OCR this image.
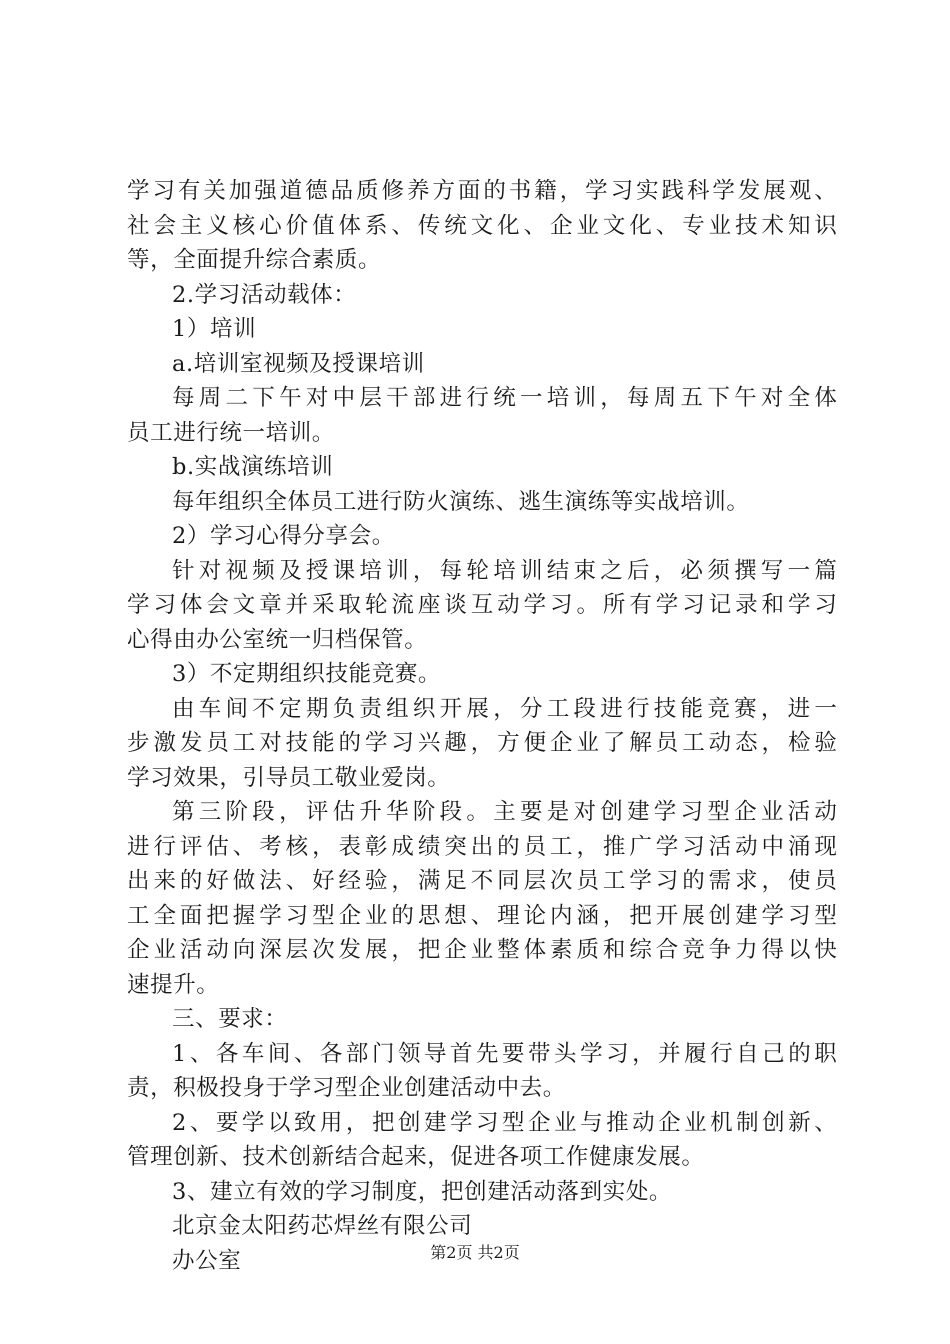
学 习 有 关 加 强 道 德 品 质 修 养 方 面 的 书 籍 ， 学 习 实 践 科 学 发 展 观 、
社 会 主 义 核 心 价 值 体 系 、 传 统 文 化 、 企 业 文 化 、 专 业 技 术 知 识
等，全面提升综合素质。
2.学习活动载体：
1）培训
a.培训室视频及授课培训
每 周 二 下 午 对 中 层 干 部 进 行 统 一 培 训 ， 每 周 五 下 午 对 全 体
员工进行统一培训。
b.实战演练培训
每年组织全体员工进行防火演练、逃生演练等实战培训。
2）学习心得分享会。
针 对 视 频 及 授 课 培 训 ， 每 轮 培 训 结 束 之 后 ， 必 须 撰 写 一 篇
学 习 体 会 文 章 并 采 取 轮 流 座 谈 互 动 学 习 。 所 有 学 习 记 录 和 学 习
心得由办公室统一归档保管。
3）不定期组织技能竞赛。
由 车 间 不 定 期 负 责 组 织 开 展 ， 分 工 段 进 行 技 能 竞 赛 ， 进 一
步 激 发 员 工 对 技 能 的 学 习 兴 趣 ， 方 便 企 业 了 解 员 工 动 态 ， 检 验
学习效果，引导员工敬业爱岗。
第 三 阶 段 ， 评 估 升 华 阶 段 。 主 要 是 对 创 建 学 习 型 企 业 活 动
进 行 评 估 、 考 核 ， 表 彰 成 绩 突 出 的 员 工 ， 推 广 学 习 活 动 中 涌 现
出 来 的 好 做 法 、 好 经 验 ， 满 足 不 同 层 次 员 工 学 习 的 需 求 ， 使 员
工 全 面 把 握 学 习 型 企 业 的 思 想 、 理 论 内 涵 ， 把 开 展 创 建 学 习 型
企 业 活 动 向 深 层 次 发 展 ， 把 企 业 整 体 素 质 和 综 合 竞 争 力 得 以 快
速提升。
三、要求：
1 、 各 车 间 、 各 部 门 领 导 首 先 要 带 头 学 习 ， 并 履 行 自 己 的 职
责，积极投身于学习型企业创建活动中去。
2 、 要 学 以 致 用 ， 把 创 建 学 习 型 企 业 与 推 动 企 业 机 制 创 新 、
管理创新、技术创新结合起来，促进各项工作健康发展。
3、建立有效的学习制度，把创建活动落到实处。
北京金太阳药芯焊丝有限公司
办公室	第2页 共2页
